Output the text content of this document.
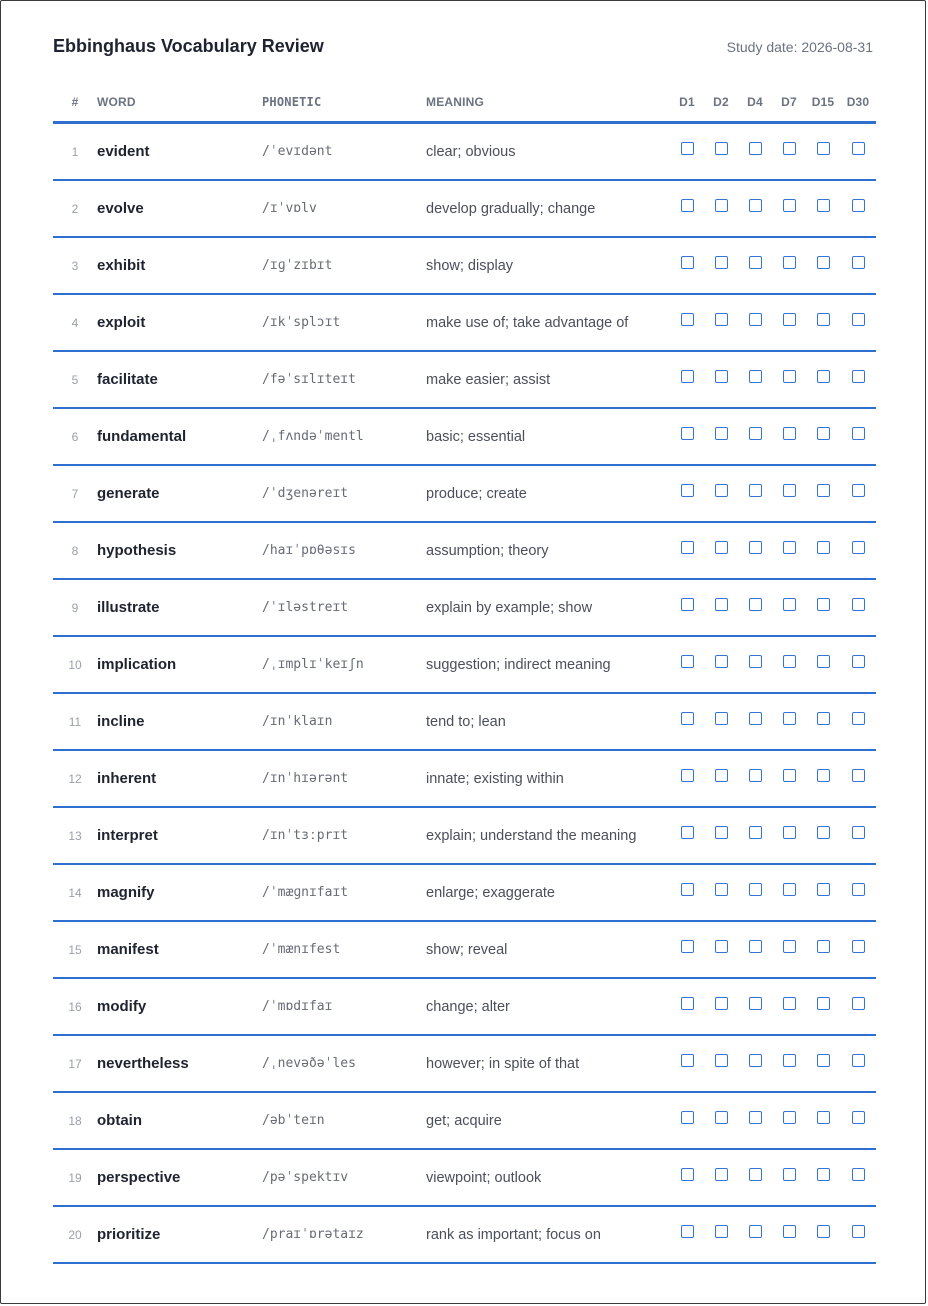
Ebbinghaus Vocabulary Review	Study date: 2026-08-31
#	WORD	PHONETIC	MEANING	D1	D2	D4	D7	D15	D30
1	evident	/ˈevɪdənt	clear; obvious						
2	evolve	/ɪˈvɒlv	develop gradually; change						
3	exhibit	/ɪɡˈzɪbɪt	show; display						
4	exploit	/ɪkˈsplɔɪt	make use of; take advantage of						
5	facilitate	/fəˈsɪlɪteɪt	make easier; assist						
6	fundamental	/ˌfʌndəˈmentl	basic; essential						
7	generate	/ˈdʒenəreɪt	produce; create						
8	hypothesis	/haɪˈpɒθəsɪs	assumption; theory						
9	illustrate	/ˈɪləstreɪt	explain by example; show						
10	implication	/ˌɪmplɪˈkeɪʃn	suggestion; indirect meaning						
11	incline	/ɪnˈklaɪn	tend to; lean						
12	inherent	/ɪnˈhɪərənt	innate; existing within						
13	interpret	/ɪnˈtɜːprɪt	explain; understand the meaning						
14	magnify	/ˈmæɡnɪfaɪt	enlarge; exaggerate						
15	manifest	/ˈmænɪfest	show; reveal						
16	modify	/ˈmɒdɪfaɪ	change; alter						
17	nevertheless	/ˌnevəðəˈles	however; in spite of that						
18	obtain	/əbˈteɪn	get; acquire						
19	perspective	/pəˈspektɪv	viewpoint; outlook						
20	prioritize	/praɪˈɒrətaɪz	rank as important; focus on						
